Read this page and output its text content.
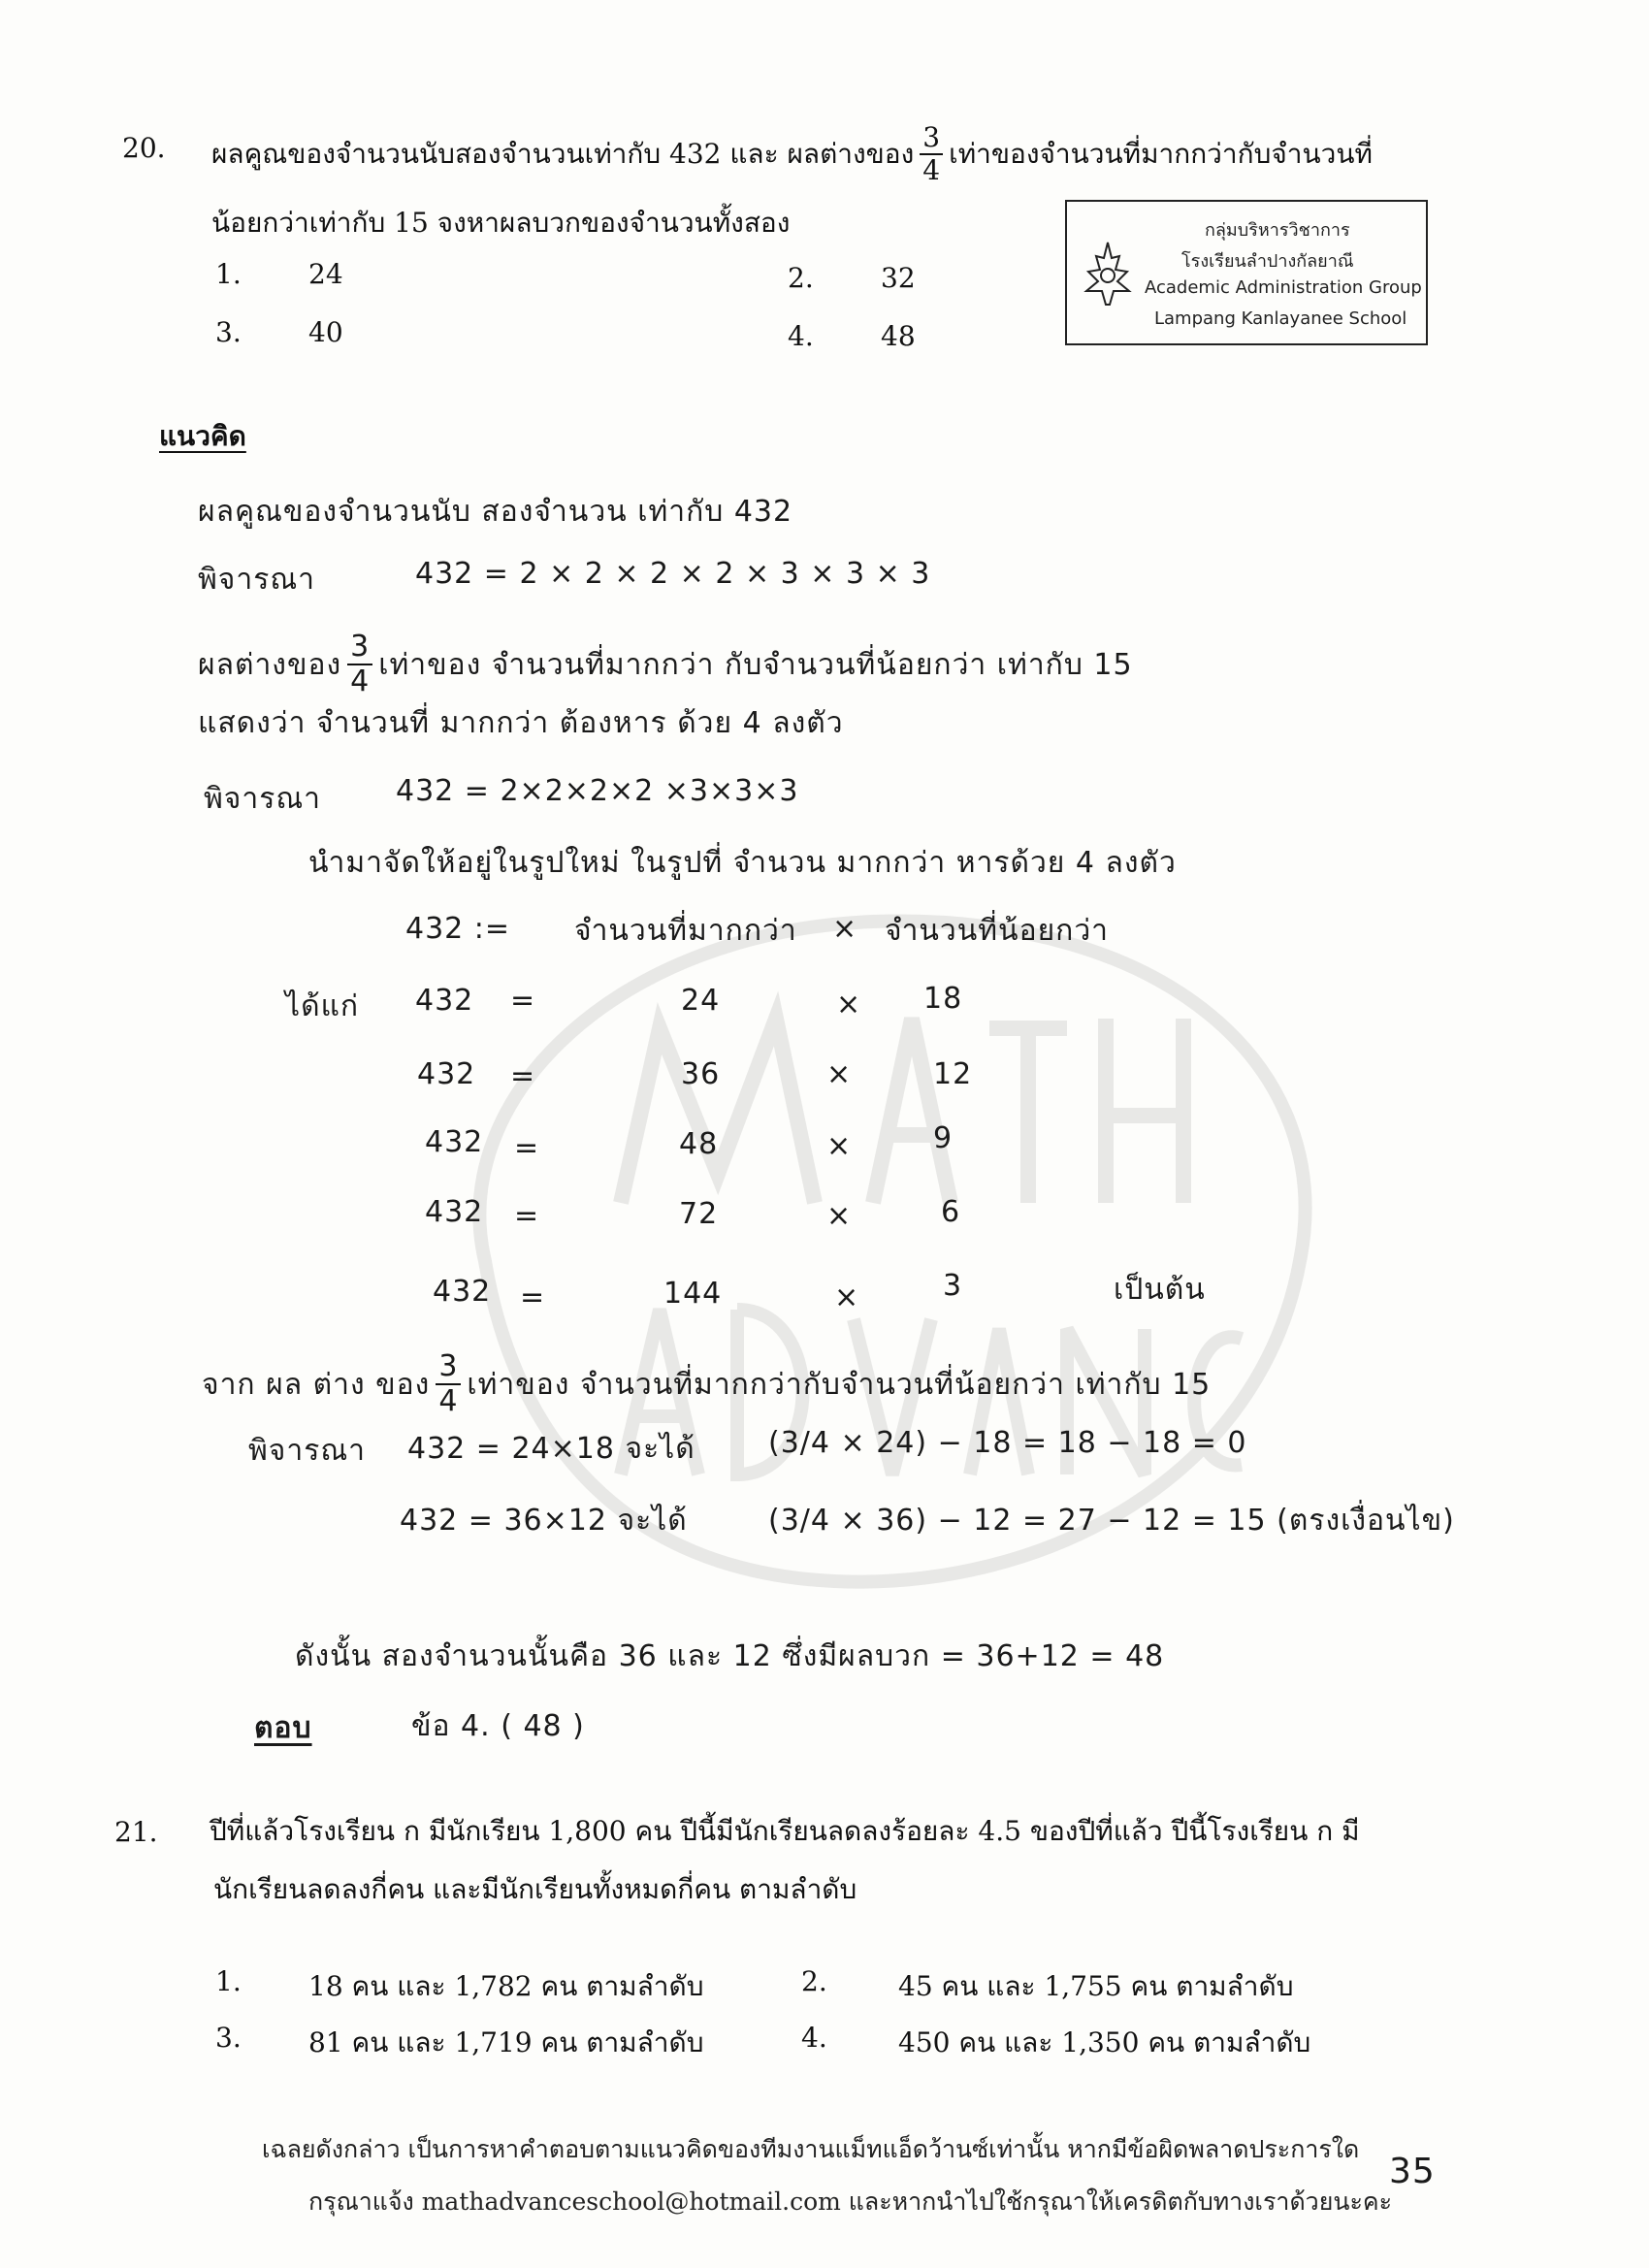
20. ผลคูณของจำนวนนับสองจำนวนเท่ากับ 432 และ ผลต่างของ $\frac{3}{4}$ เท่าของจำนวนที่มากกว่ากับจำนวนที่
น้อยกว่าเท่ากับ 15 จงหาผลบวกของจำนวนทั้งสอง
1. 24	2. 32
3. 40	4. 48
กลุ่มบริหารวิชาการ
โรงเรียนลำปางกัลยาณี
Academic Administration Group
Lampang Kanlayanee School
แนวคิด
ผลคูณของจำนวนนับ สองจำนวน เท่ากับ 432
พิจารณา	432 = 2 × 2 × 2 × 2 × 3 × 3 × 3
ผลต่างของ $\frac{3}{4}$ เท่าของ จำนวนที่มากกว่า กับจำนวนที่น้อยกว่า เท่ากับ 15
แสดงว่า จำนวนที่ มากกว่า ต้องหาร ด้วย 4 ลงตัว
พิจารณา	432 = 2×2×2×2 ×3×3×3
นำมาจัดให้อยู่ในรูปใหม่ ในรูปที่ จำนวน มากกว่า หารด้วย 4 ลงตัว
432 := จำนวนที่มากกว่า × จำนวนที่น้อยกว่า
ได้แก่ 432 =	24	× 18
432 =	36	×	12
432 =	48	×	9
432 =	72	×	6
432 =	144	×	3	เป็นต้น
จาก ผล ต่าง ของ $\frac{3}{4}$ เท่าของ จำนวนที่มากกว่ากับจำนวนที่น้อยกว่า เท่ากับ 15
พิจารณา 432 = 24×18 จะได้	(3/4 × 24) − 18 = 18 − 18 = 0
432 = 36×12 จะได้	(3/4 × 36) − 12 = 27 − 12 = 15 (ตรงเงื่อนไข)
ดังนั้น สองจำนวนนั้นคือ 36 และ 12 ซึ่งมีผลบวก = 36+12 = 48
ตอบ	ข้อ 4. ( 48 )
21. ปีที่แล้วโรงเรียน ก มีนักเรียน 1,800 คน ปีนี้มีนักเรียนลดลงร้อยละ 4.5 ของปีที่แล้ว ปีนี้โรงเรียน ก มี
นักเรียนลดลงกี่คน และมีนักเรียนทั้งหมดกี่คน ตามลำดับ
1. 18 คน และ 1,782 คน ตามลำดับ	2.	45 คน และ 1,755 คน ตามลำดับ
3. 81 คน และ 1,719 คน ตามลำดับ	4.	450 คน และ 1,350 คน ตามลำดับ
เฉลยดังกล่าว เป็นการหาคำตอบตามแนวคิดของทีมงานแม็ทแอ็ดว้านซ์เท่านั้น หากมีข้อผิดพลาดประการใด
กรุณาแจ้ง mathadvanceschool@hotmail.com และหากนำไปใช้กรุณาให้เครดิตกับทางเราด้วยนะคะ
35
